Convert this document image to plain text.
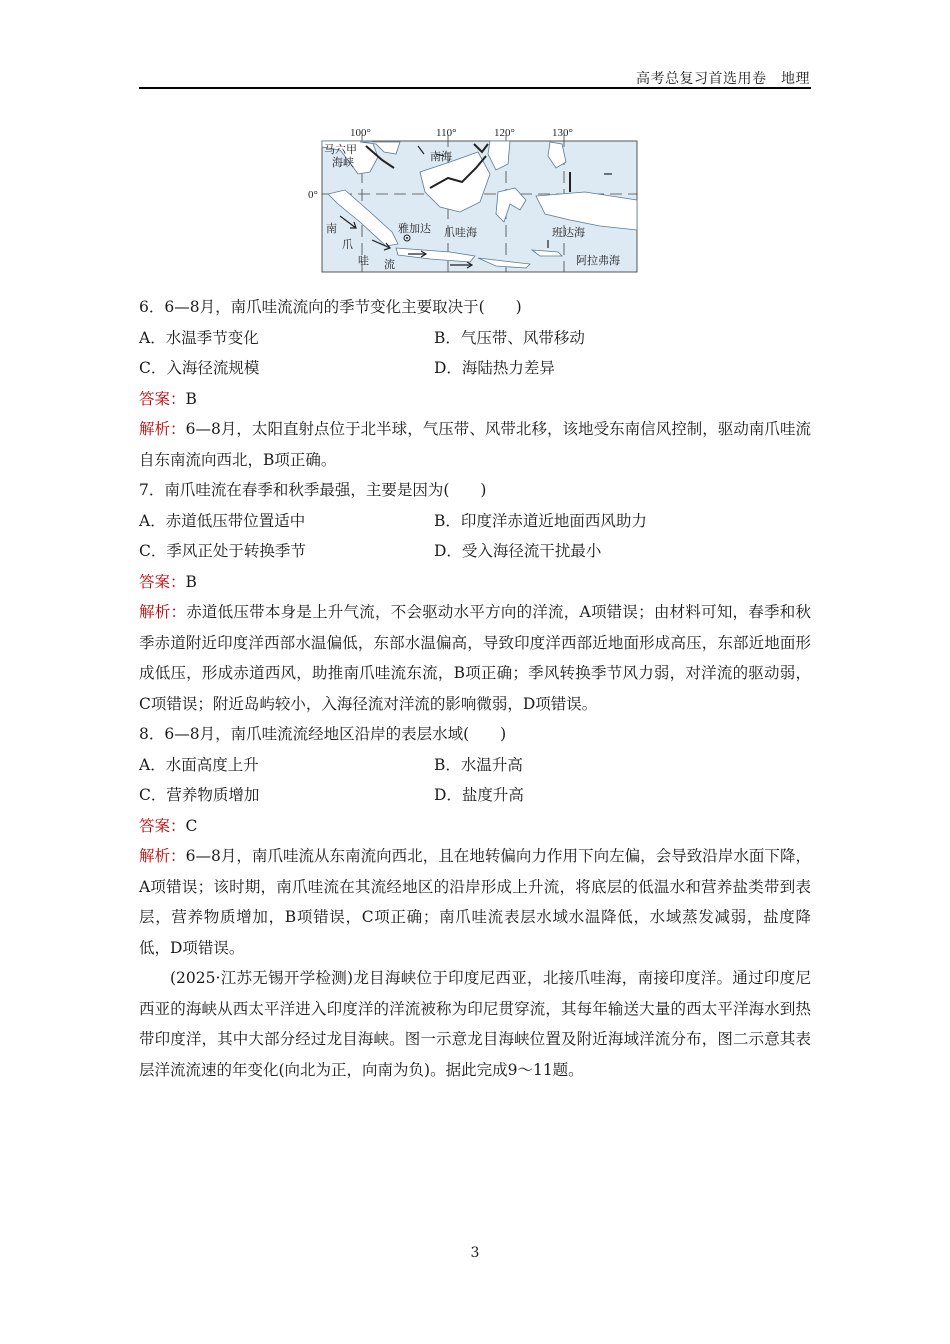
高考总复习首选用卷　地理
100°	110°	120°	130°
0°
马六甲
海峡	南海
雅加达 爪哇海	班达海
阿拉弗海
南
爪
哇 流
6．6—8月，南爪哇流流向的季节变化主要取决于(　　)
A．水温季节变化	B．气压带、风带移动
C．入海径流规模	D．海陆热力差异
答案：B
解析：6—8月，太阳直射点位于北半球，气压带、风带北移，该地受东南信风控制，驱动南爪哇流自东南流向西北，B项正确。
7．南爪哇流在春季和秋季最强，主要是因为(　　)
A．赤道低压带位置适中	B．印度洋赤道近地面西风助力
C．季风正处于转换季节	D．受入海径流干扰最小
答案：B
解析：赤道低压带本身是上升气流，不会驱动水平方向的洋流，A项错误；由材料可知，春季和秋季赤道附近印度洋西部水温偏低，东部水温偏高，导致印度洋西部近地面形成高压，东部近地面形成低压，形成赤道西风，助推南爪哇流东流，B项正确；季风转换季节风力弱，对洋流的驱动弱，C项错误；附近岛屿较小，入海径流对洋流的影响微弱，D项错误。
8．6—8月，南爪哇流流经地区沿岸的表层水域(　　)
A．水面高度上升	B．水温升高
C．营养物质增加	D．盐度升高
答案：C
解析：6—8月，南爪哇流从东南流向西北，且在地转偏向力作用下向左偏，会导致沿岸水面下降，A项错误；该时期，南爪哇流在其流经地区的沿岸形成上升流，将底层的低温水和营养盐类带到表层，营养物质增加，B项错误，C项正确；南爪哇流表层水域水温降低，水域蒸发减弱，盐度降低，D项错误。
(2025·江苏无锡开学检测)龙目海峡位于印度尼西亚，北接爪哇海，南接印度洋。通过印度尼西亚的海峡从西太平洋进入印度洋的洋流被称为印尼贯穿流，其每年输送大量的西太平洋海水到热带印度洋，其中大部分经过龙目海峡。图一示意龙目海峡位置及附近海域洋流分布，图二示意其表层洋流流速的年变化(向北为正，向南为负)。据此完成9～11题。
3
